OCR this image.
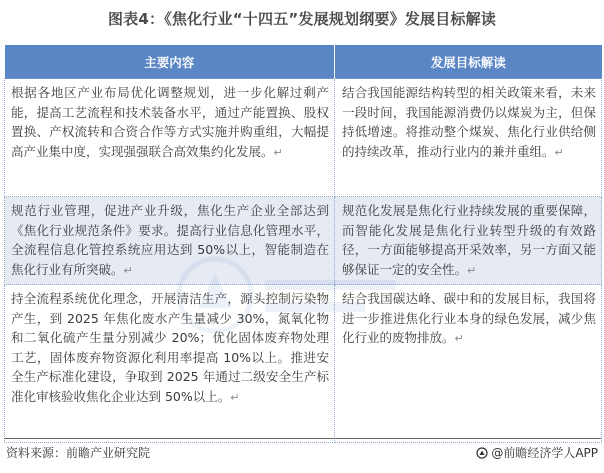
图表4：《焦化行业“十四五”发展规划纲要》发展目标解读
主要内容	发展目标解读
根据各地区产业布局优化调整规划，进一步化解过剩产能，提高工艺流程和技术装备水平，通过产能置换、股权置换、产权流转和合资合作等方式实施并购重组，大幅提高产业集中度，实现强强联合高效集约化发展。↵	结合我国能源结构转型的相关政策来看，未来一段时间，我国能源消费仍以煤炭为主，但保持低增速。将推动整个煤炭、焦化行业供给侧的持续改革，推动行业内的兼并重组。↵
规范行业管理，促进产业升级，焦化生产企业全部达到《焦化行业规范条件》要求。提高行业信息化管理水平，全流程信息化管控系统应用达到 50%以上，智能制造在焦化行业有所突破。↵	规范化发展是焦化行业持续发展的重要保障，而智能化发展是焦化行业转型升级的有效路径，一方面能够提高开采效率，另一方面又能够保证一定的安全性。↵
持全流程系统优化理念，开展清洁生产，源头控制污染物产生，到 2025 年焦化废水产生量减少 30%，氮氧化物和二氧化硫产生量分别减少 20%；优化固体废弃物处理工艺，固体废弃物资源化利用率提高 10%以上。推进安全生产标准化建设，争取到 2025 年通过二级安全生产标准化审核验收焦化企业达到 50%以上。↵	结合我国碳达峰、碳中和的发展目标，我国将进一步推进焦化行业本身的绿色发展，减少焦化行业的废物排放。↵
资料来源：前瞻产业研究院	@前瞻经济学人APP
